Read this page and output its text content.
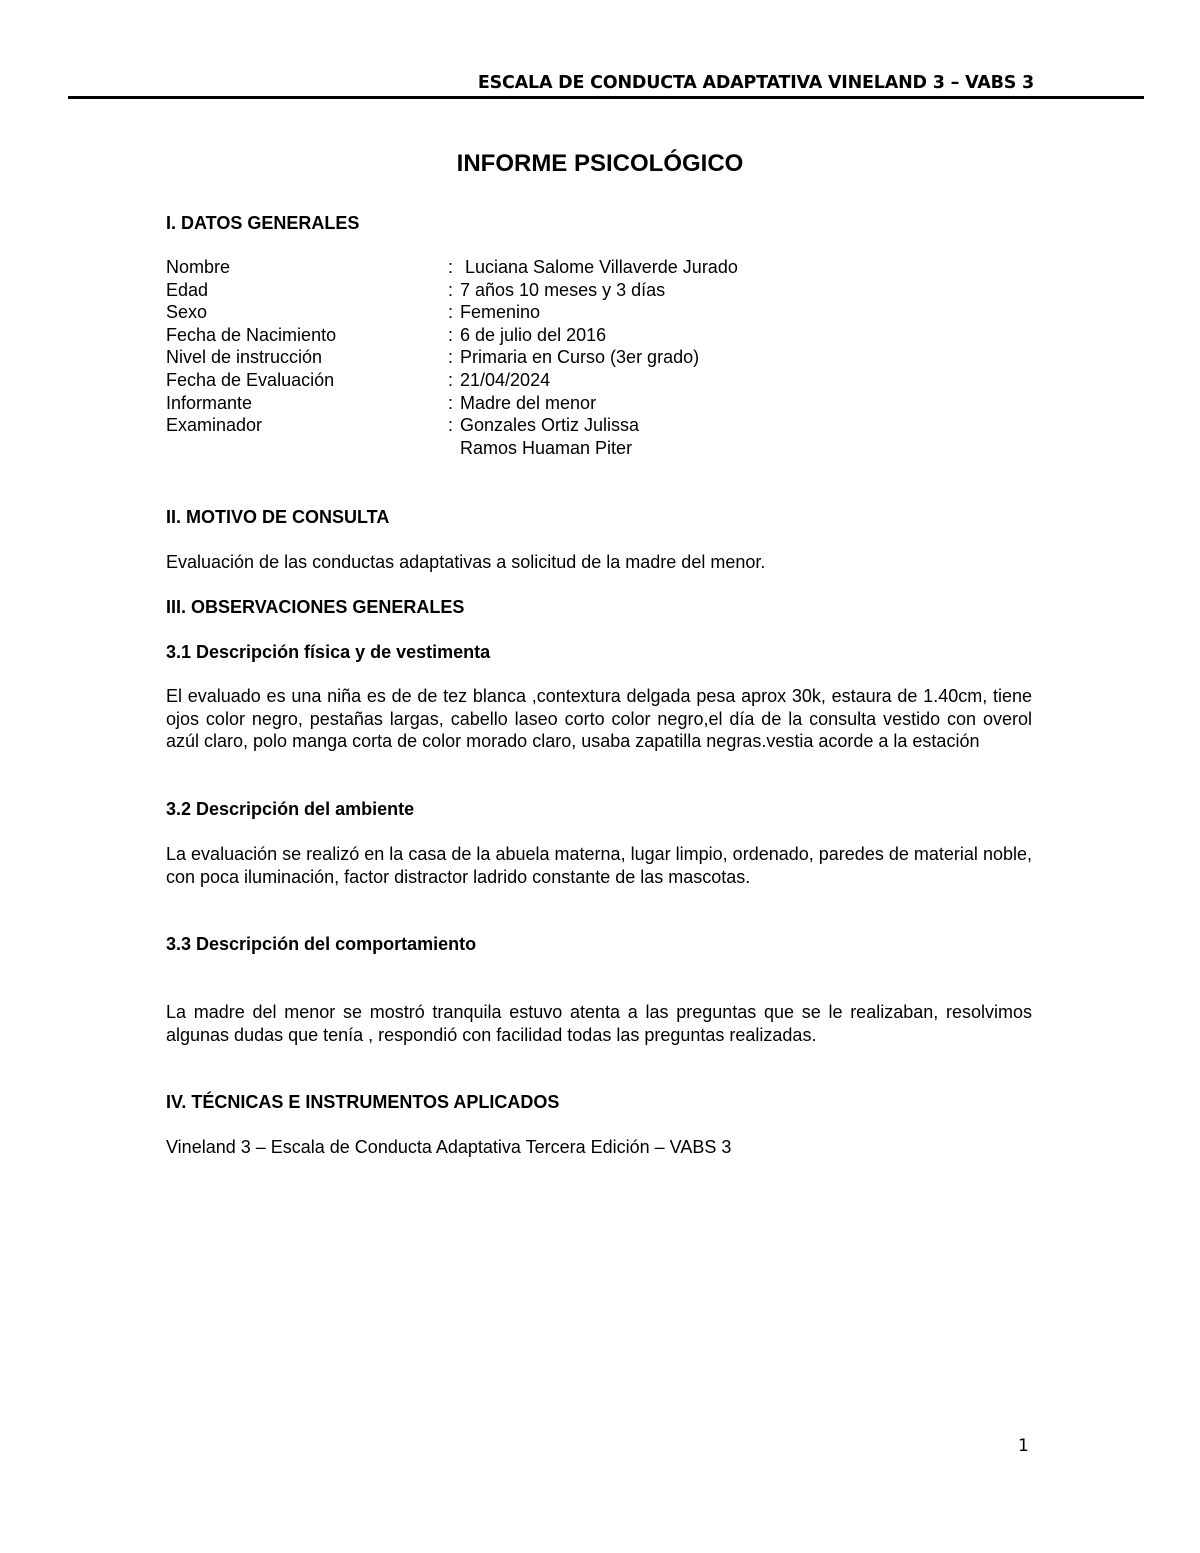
ESCALA DE CONDUCTA ADAPTATIVA VINELAND 3 – VABS 3
INFORME PSICOLÓGICO
I. DATOS GENERALES
Nombre	: Luciana Salome Villaverde Jurado
Edad	: 7 años 10 meses y 3 días
Sexo	: Femenino
Fecha de Nacimiento	: 6 de julio del 2016
Nivel de instrucción	: Primaria en Curso (3er grado)
Fecha de Evaluación	: 21/04/2024
Informante	: Madre del menor
Examinador	: Gonzales Ortiz Julissa
Ramos Huaman Piter
II. MOTIVO DE CONSULTA
Evaluación de las conductas adaptativas a solicitud de la madre del menor.
III. OBSERVACIONES GENERALES
3.1 Descripción física y de vestimenta
El evaluado es una niña es de de tez blanca ,contextura delgada pesa aprox 30k, estaura de 1.40cm, tiene ojos color negro, pestañas largas, cabello laseo corto color negro,el día de la consulta vestido con overol azúl claro, polo manga corta de color morado claro, usaba zapatilla negras.vestia acorde a la estación
3.2 Descripción del ambiente
La evaluación se realizó en la casa de la abuela materna, lugar limpio, ordenado, paredes de material noble, con poca iluminación, factor distractor ladrido constante de las mascotas.
3.3 Descripción del comportamiento
La madre del menor se mostró tranquila estuvo atenta a las preguntas que se le realizaban, resolvimos algunas dudas que tenía , respondió con facilidad todas las preguntas realizadas.
IV. TÉCNICAS E INSTRUMENTOS APLICADOS
Vineland 3 – Escala de Conducta Adaptativa Tercera Edición – VABS 3
1
